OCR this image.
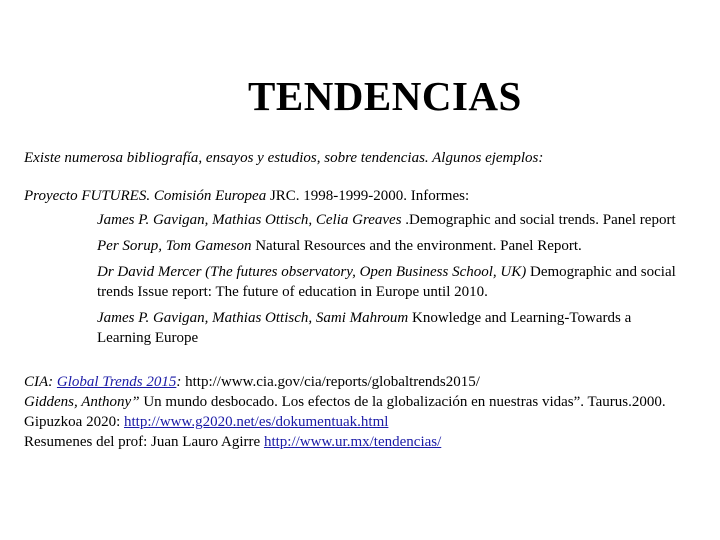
TENDENCIAS

Existe numerosa bibliografía, ensayos y estudios, sobre tendencias. Algunos ejemplos:

Proyecto FUTURES. Comisión Europea JRC. 1998-1999-2000. Informes:

James P. Gavigan, Mathias Ottisch, Celia Greaves .Demographic and social trends. Panel report

Per Sorup, Tom Gameson Natural Resources and the environment. Panel Report.

Dr David Mercer (The futures observatory, Open Business School, UK) Demographic and social trends Issue report: The future of education in Europe until 2010.

James P. Gavigan, Mathias Ottisch, Sami Mahroum Knowledge and Learning-Towards a Learning Europe

CIA: Global Trends 2015: http://www.cia.gov/cia/reports/globaltrends2015/

Giddens, Anthony” Un mundo desbocado. Los efectos de la globalización en nuestras vidas”. Taurus.2000.

Gipuzkoa 2020: http://www.g2020.net/es/dokumentuak.html

Resumenes del prof: Juan Lauro Agirre http://www.ur.mx/tendencias/
